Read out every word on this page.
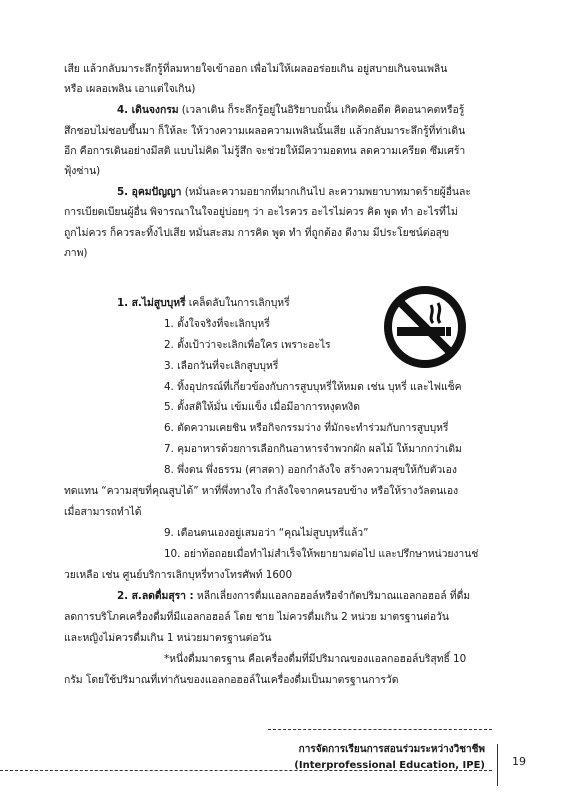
เสีย แล้วกลับมาระลึกรู้ที่ลมหายใจเข้าออก เพื่อไม่ให้เผลออร่อยเกิน อยู่สบายเกินจนเพลิน
หรือ เผลอเพลิน เอาแต่ใจเกิน)
4. เดินจงกรม (เวลาเดิน ก็ระลึกรู้อยู่ในอิริยาบถนั้น เกิดคิดอดีต คิดอนาคตหรือรู้
สึกชอบไม่ชอบขึ้นมา ก็ให้ละ ให้วางความเผลอความเพลินนั้นเสีย แล้วกลับมาระลึกรู้ที่ท่าเดิน
อีก คือการเดินอย่างมีสติ แบบไม่คิด ไม่รู้สึก จะช่วยให้มีความอดทน ลดความเครียด ซึมเศร้า
ฟุ้งซ่าน)
5. อุคมปัญญา (หมั่นละความอยากที่มากเกินไป ละความพยาบาทมาดร้ายผู้อื่นละ
การเบียดเบียนผู้อื่น พิจารณาในใจอยู่บ่อยๆ ว่า อะไรควร อะไรไม่ควร คิด พูด ทำ อะไรที่ไม่
ถูกไม่ควร ก็ควรละทิ้งไปเสีย หมั่นสะสม การคิด พูด ทำ ที่ถูกต้อง ดีงาม มีประโยชน์ต่อสุข
ภาพ)
1. ส.ไม่สูบบุหรี่ เคล็ดลับในการเลิกบุหรี่
1. ตั้งใจจริงที่จะเลิกบุหรี่
2. ตั้งเป้าว่าจะเลิกเพื่อใคร เพราะอะไร
3. เลือกวันที่จะเลิกสูบบุหรี่
4. ทิ้งอุปกรณ์ที่เกี่ยวข้องกับการสูบบุหรี่ให้หมด เช่น บุหรี่ และไฟแช็ค
5. ตั้งสติให้มั่น เข้มแข็ง เมื่อมีอาการหงุดหงิด
6. ตัดความเคยชิน หรือกิจกรรมว่าง ที่มักจะทำร่วมกับการสูบบุหรี่
7. คุมอาหารด้วยการเลือกกินอาหารจำพวกผัก ผลไม้ ให้มากกว่าเดิม
8. พึ่งตน พึ่งธรรม (ศาสดา) ออกกำลังใจ สร้างความสุขให้กับตัวเอง
ทดแทน “ความสุขที่คุณสูบได้” หาที่พึ่งทางใจ กำลังใจจากคนรอบข้าง หรือให้รางวัลตนเอง
เมื่อสามารถทำได้
9. เตือนตนเองอยู่เสมอว่า “คุณไม่สูบบุหรี่แล้ว”
10. อย่าท้อถอยเมื่อทำไม่สำเร็จให้พยายามต่อไป และปรึกษาหน่วยงานช่
วยเหลือ เช่น ศูนย์บริการเลิกบุหรี่ทางโทรศัพท์ 1600
2. ส.ลดดื่มสุรา : หลีกเลี่ยงการดื่มแอลกอฮอล์หรือจำกัดปริมาณแอลกอฮอล์ ที่ดื่ม
ลดการบริโภคเครื่องดื่มที่มีแอลกอฮอล์ โดย ชาย ไม่ควรดื่มเกิน 2 หน่วย มาตรฐานต่อวัน
และหญิงไม่ควรดื่มเกิน 1 หน่วยมาตรฐานต่อวัน
*หนึ่งดื่มมาตรฐาน คือเครื่องดื่มที่มีปริมาณของแอลกอฮอล์บริสุทธิ์ 10
กรัม โดยใช้ปริมาณที่เท่ากันของแอลกอฮอล์ในเครื่องดื่มเป็นมาตรฐานการวัด
การจัดการเรียนการสอนร่วมระหว่างวิชาชีพ
(Interprofessional Education, IPE)	19
